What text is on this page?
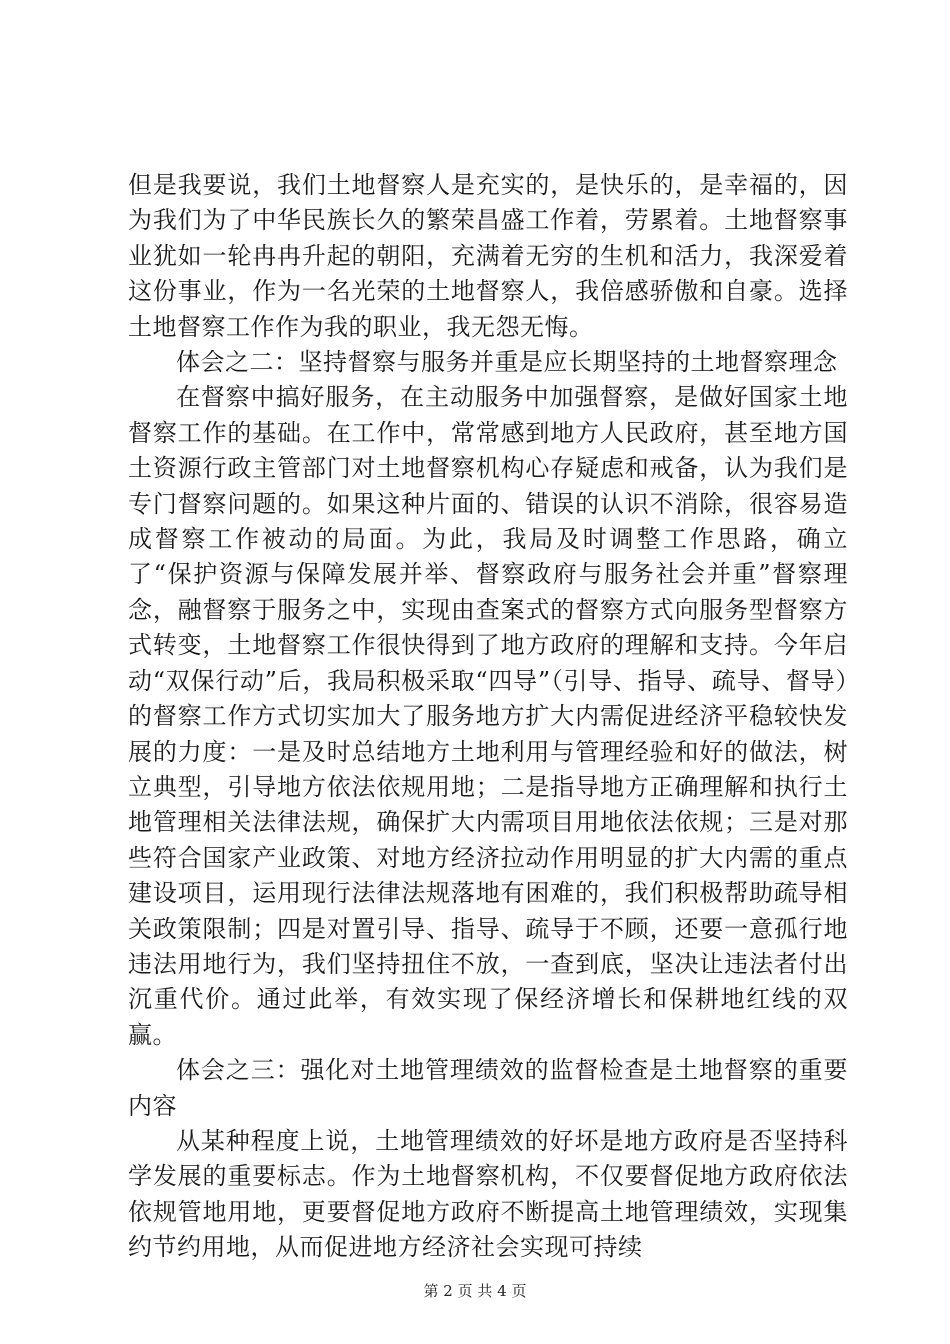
但是我要说，我们土地督察人是充实的，是快乐的，是幸福的，因为我们为了中华民族长久的繁荣昌盛工作着，劳累着。土地督察事业犹如一轮冉冉升起的朝阳，充满着无穷的生机和活力，我深爱着这份事业，作为一名光荣的土地督察人，我倍感骄傲和自豪。选择土地督察工作作为我的职业，我无怨无悔。

体会之二：坚持督察与服务并重是应长期坚持的土地督察理念

在督察中搞好服务，在主动服务中加强督察，是做好国家土地督察工作的基础。在工作中，常常感到地方人民政府，甚至地方国土资源行政主管部门对土地督察机构心存疑虑和戒备，认为我们是专门督察问题的。如果这种片面的、错误的认识不消除，很容易造成督察工作被动的局面。为此，我局及时调整工作思路，确立了“保护资源与保障发展并举、督察政府与服务社会并重”督察理念，融督察于服务之中，实现由查案式的督察方式向服务型督察方式转变，土地督察工作很快得到了地方政府的理解和支持。今年启动“双保行动”后，我局积极采取“四导”（引导、指导、疏导、督导）的督察工作方式切实加大了服务地方扩大内需促进经济平稳较快发展的力度：一是及时总结地方土地利用与管理经验和好的做法，树立典型，引导地方依法依规用地；二是指导地方正确理解和执行土地管理相关法律法规，确保扩大内需项目用地依法依规；三是对那些符合国家产业政策、对地方经济拉动作用明显的扩大内需的重点建设项目，运用现行法律法规落地有困难的，我们积极帮助疏导相关政策限制；四是对置引导、指导、疏导于不顾，还要一意孤行地违法用地行为，我们坚持扭住不放，一查到底，坚决让违法者付出沉重代价。通过此举，有效实现了保经济增长和保耕地红线的双赢。

体会之三：强化对土地管理绩效的监督检查是土地督察的重要内容

从某种程度上说，土地管理绩效的好坏是地方政府是否坚持科学发展的重要标志。作为土地督察机构，不仅要督促地方政府依法依规管地用地，更要督促地方政府不断提高土地管理绩效，实现集约节约用地，从而促进地方经济社会实现可持续

第 2 页 共 4 页
